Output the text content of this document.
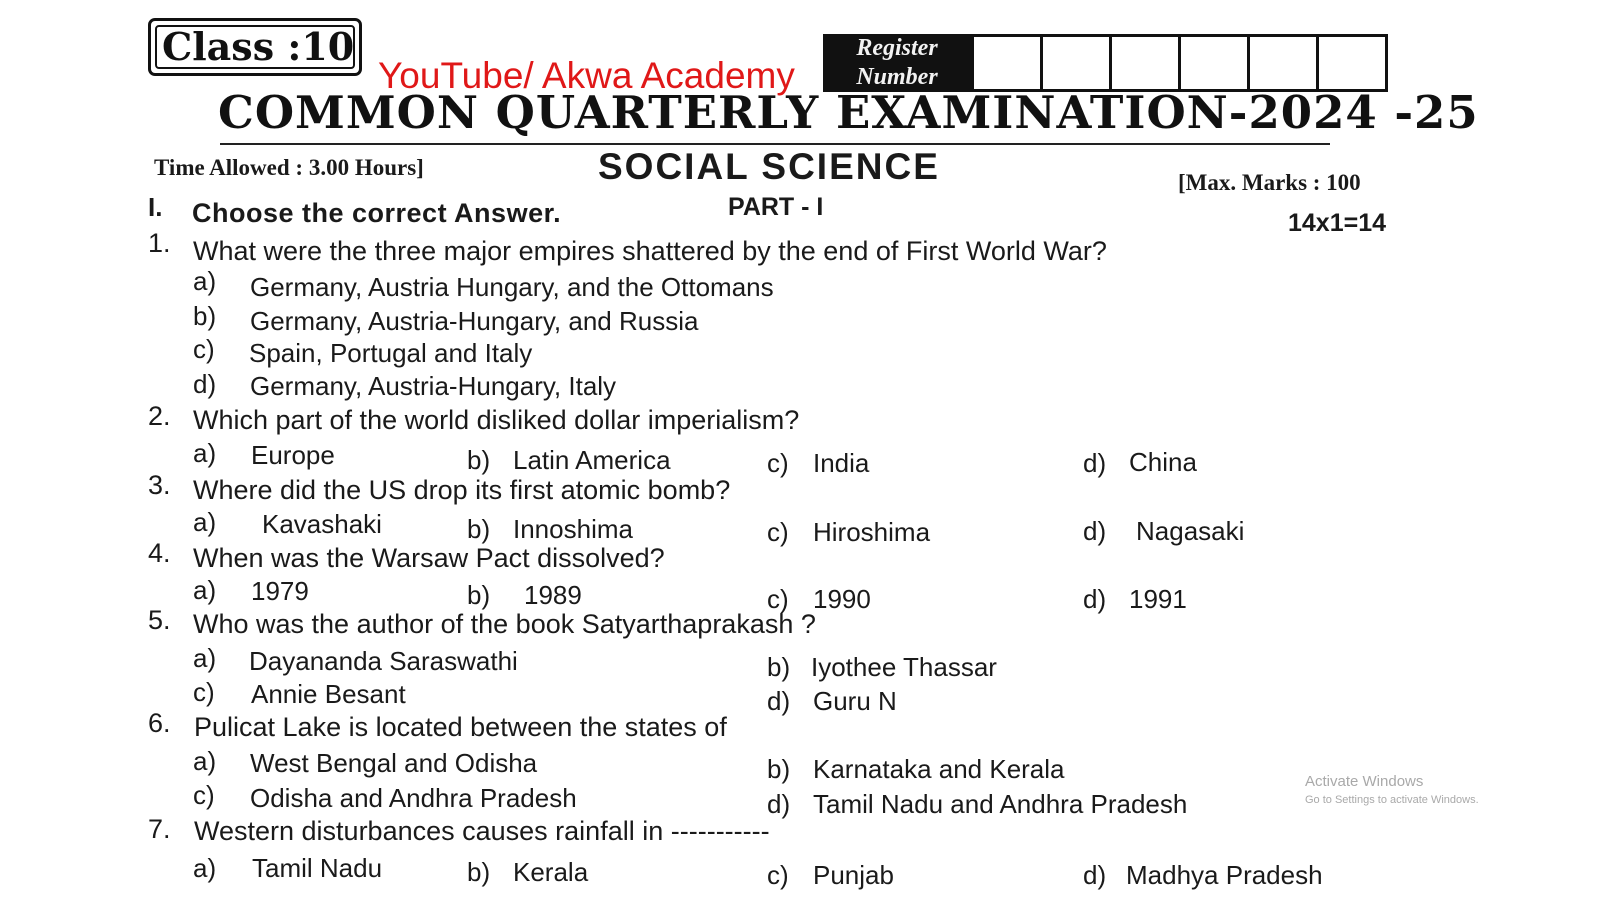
Class :10
YouTube/ Akwa Academy
Register
Number
COMMON QUARTERLY EXAMINATION-2024 -25
Time Allowed : 3.00 Hours]	SOCIAL SCIENCE	[Max. Marks : 100
PART - I
14x1=14
I. Choose the correct Answer.
1. What were the three major empires shattered by the end of First World War?
a) Germany, Austria Hungary, and the Ottomans
b) Germany, Austria-Hungary, and Russia
c) Spain, Portugal and Italy
d) Germany, Austria-Hungary, Italy
2. Which part of the world disliked dollar imperialism?
a) Europe	b) Latin America	c) India	d) China
3. Where did the US drop its first atomic bomb?
a) Kavashaki	b) Innoshima	c) Hiroshima	d) Nagasaki
4. When was the Warsaw Pact dissolved?
a) 1979	b) 1989	c) 1990	d) 1991
5. Who was the author of the book Satyarthaprakash ?
a) Dayananda Saraswathi	b) Iyothee Thassar
c) Annie Besant	d) Guru N
6. Pulicat Lake is located between the states of
a) West Bengal and Odisha	b) Karnataka and Kerala
c) Odisha and Andhra Pradesh	d) Tamil Nadu and Andhra Pradesh
7. Western disturbances causes rainfall in -----------
a) Tamil Nadu	b) Kerala	c) Punjab	d) Madhya Pradesh
Activate Windows
Go to Settings to activate Windows.
